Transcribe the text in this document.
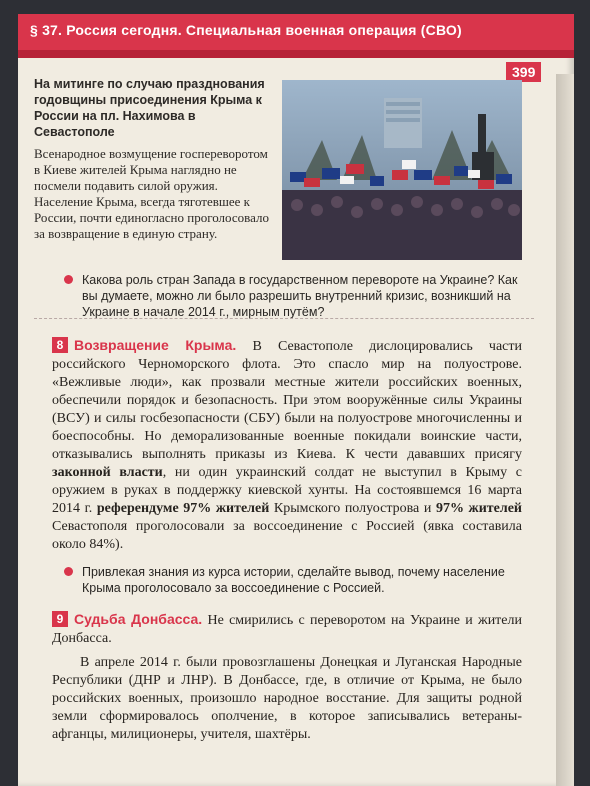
§ 37. Россия сегодня. Специальная военная операция (СВО)
399
На митинге по случаю празднования годовщины присоединения Крыма к России на пл. Нахимова в Севастополе
Всенародное возмущение госпереворотом в Киеве жителей Крыма наглядно не посмели подавить силой оружия. Население Крыма, всегда тяготевшее к России, почти единогласно проголосовало за возвращение в единую страну.
Какова роль стран Запада в государственном перевороте на Украине? Как вы думаете, можно ли было разрешить внутренний кризис, возникший на Украине в начале 2014 г., мирным путём?
8 Возвращение Крыма. В Севастополе дислоцировались части российского Черноморского флота. Это спасло мир на полуострове. «Вежливые люди», как прозвали местные жители российских военных, обеспечили порядок и безопасность. При этом вооружённые силы Украины (ВСУ) и силы госбезопасности (СБУ) были на полуострове многочисленны и боеспособны. Но деморализованные военные покидали воинские части, отказывались выполнять приказы из Киева. К чести дававших присягу законной власти, ни один украинский солдат не выступил в Крыму с оружием в руках в поддержку киевской хунты. На состоявшемся 16 марта 2014 г. референдуме 97% жителей Крымского полуострова и 97% жителей Севастополя проголосовали за воссоединение с Россией (явка составила около 84%).
Привлекая знания из курса истории, сделайте вывод, почему население Крыма проголосовало за воссоединение с Россией.
9 Судьба Донбасса. Не смирились с переворотом на Украине и жители Донбасса.
В апреле 2014 г. были провозглашены Донецкая и Луганская Народные Республики (ДНР и ЛНР). В Донбассе, где, в отличие от Крыма, не было российских военных, произошло народное восстание. Для защиты родной земли сформировалось ополчение, в которое записывались ветераны-афганцы, милиционеры, учителя, шахтёры.
